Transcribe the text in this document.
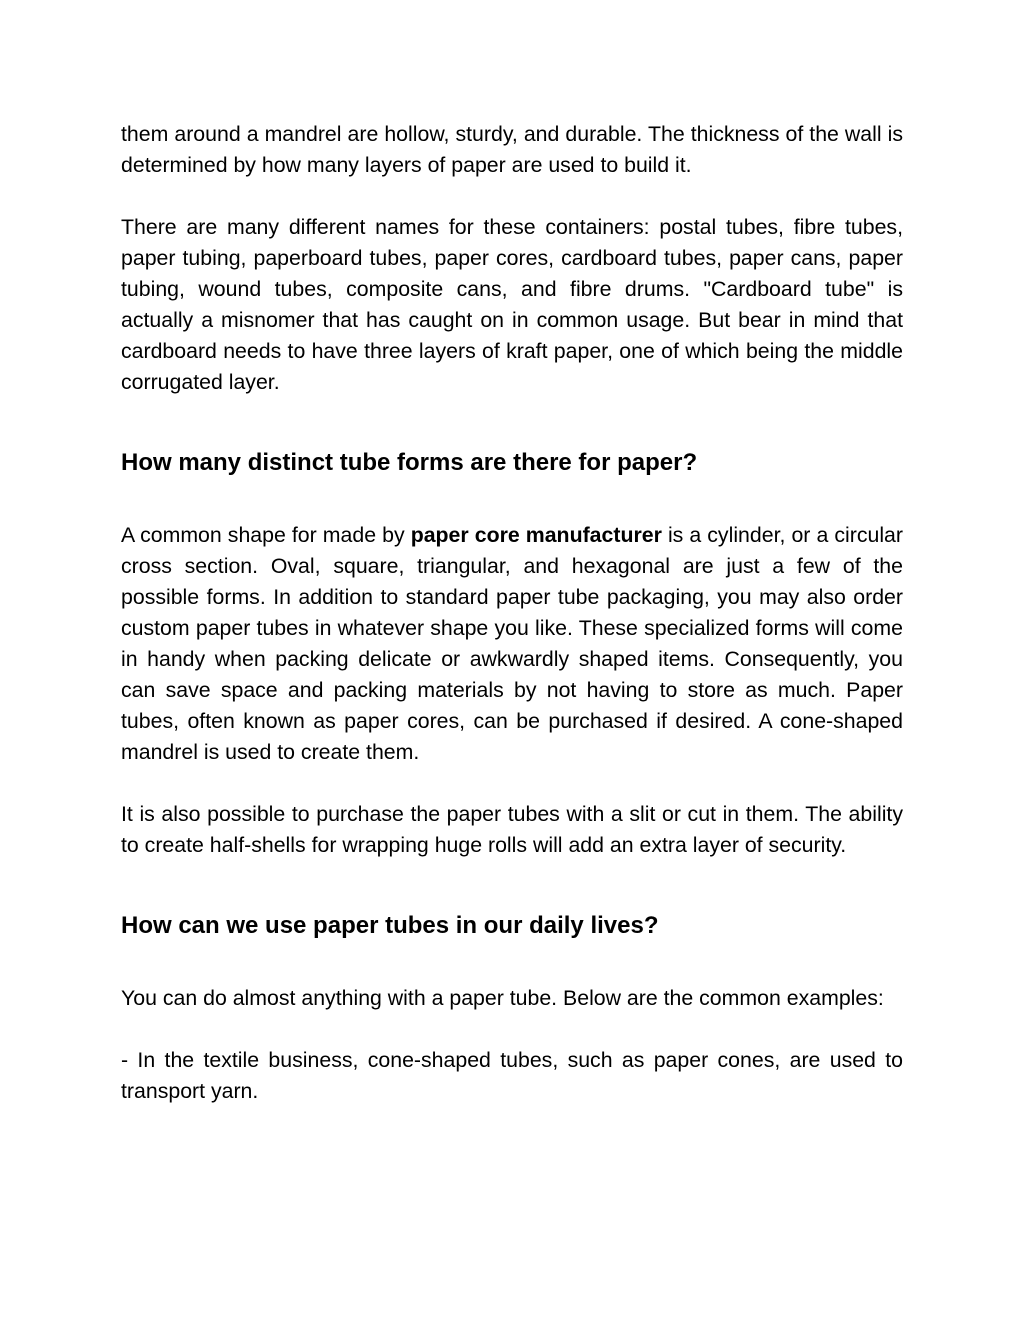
them around a mandrel are hollow, sturdy, and durable. The thickness of the wall is determined by how many layers of paper are used to build it.

There are many different names for these containers: postal tubes, fibre tubes, paper tubing, paperboard tubes, paper cores, cardboard tubes, paper cans, paper tubing, wound tubes, composite cans, and fibre drums. "Cardboard tube" is actually a misnomer that has caught on in common usage. But bear in mind that cardboard needs to have three layers of kraft paper, one of which being the middle corrugated layer.

How many distinct tube forms are there for paper?

A common shape for made by paper core manufacturer is a cylinder, or a circular cross section. Oval, square, triangular, and hexagonal are just a few of the possible forms. In addition to standard paper tube packaging, you may also order custom paper tubes in whatever shape you like. These specialized forms will come in handy when packing delicate or awkwardly shaped items. Consequently, you can save space and packing materials by not having to store as much. Paper tubes, often known as paper cores, can be purchased if desired. A cone-shaped mandrel is used to create them.

It is also possible to purchase the paper tubes with a slit or cut in them. The ability to create half-shells for wrapping huge rolls will add an extra layer of security.

How can we use paper tubes in our daily lives?

You can do almost anything with a paper tube. Below are the common examples:

- In the textile business, cone-shaped tubes, such as paper cones, are used to transport yarn.
